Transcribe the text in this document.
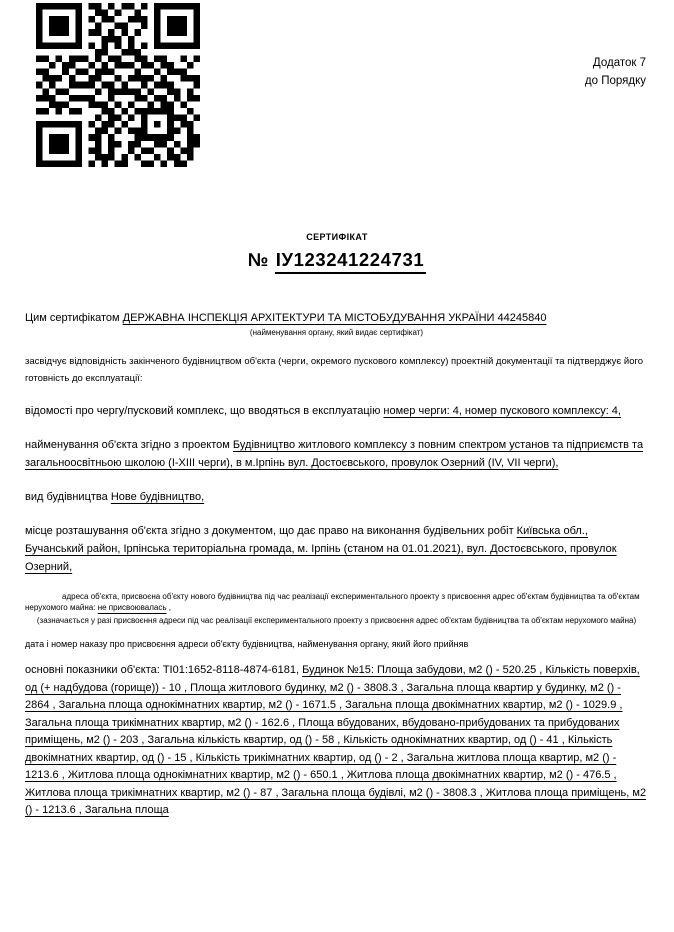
Додаток 7
до Порядку
СЕРТИФІКАТ
№ ІУ123241224731

Цим сертифікатом ДЕРЖАВНА ІНСПЕКЦІЯ АРХІТЕКТУРИ ТА МІСТОБУДУВАННЯ УКРАЇНИ 44245840

(найменування органу, який видає сертифікат)

засвідчує відповідність закінченого будівництвом об'єкта (черги, окремого пускового комплексу) проектній документації та підтверджує його готовність до експлуатації:

відомості про чергу/пусковий комплекс, що вводяться в експлуатацію номер черги: 4, номер пускового комплексу: 4,

найменування об'єкта згідно з проектом Будівництво житлового комплексу з повним спектром установ та підприємств та загальноосвітньою школою (І-ХІІІ черги), в м.Ірпінь вул. Достоєвського, провулок Озерний (IV, VII черги),

вид будівництва Нове будівництво,

місце розташування об'єкта згідно з документом, що дає право на виконання будівельних робіт Київська обл., Бучанський район, Ірпінська територіальна громада, м. Ірпінь (станом на 01.01.2021), вул. Достоєвського, провулок Озерний,

адреса об'єкта, присвоєна об'єкту нового будівництва під час реалізації експериментального проекту з присвоєння адрес об'єктам будівництва та об'єктам нерухомого майна: не присвоювалась ,

(зазначається у разі присвоєння адреси під час реалізації експериментального проекту з присвоєння адрес об'єктам будівництва та об'єктам нерухомого майна)

дата і номер наказу про присвоєння адреси об'єкту будівництва, найменування органу, який його прийняв

основні показники об'єкта: ТІ01:1652-8118-4874-6181, Будинок №15: Площа забудови, м2 () - 520.25 , Кількість поверхів, од (+ надбудова (горище)) - 10 , Площа житлового будинку, м2 () - 3808.3 , Загальна площа квартир у будинку, м2 () - 2864 , Загальна площа однокімнатних квартир, м2 () - 1671.5 , Загальна площа двокімнатних квартир, м2 () - 1029.9 , Загальна площа трикімнатних квартир, м2 () - 162.6 , Площа вбудованих, вбудовано-прибудованих та прибудованих приміщень, м2 () - 203 , Загальна кількість квартир, од () - 58 , Кількість однокімнатних квартир, од () - 41 , Кількість двокімнатних квартир, од () - 15 , Кількість трикімнатних квартир, од () - 2 , Загальна житлова площа квартир, м2 () - 1213.6 , Житлова площа однокімнатних квартир, м2 () - 650.1 , Житлова площа двокімнатних квартир, м2 () - 476.5 , Житлова площа трикімнатних квартир, м2 () - 87 , Загальна площа будівлі, м2 () - 3808.3 , Житлова площа приміщень, м2 () - 1213.6 , Загальна площа
